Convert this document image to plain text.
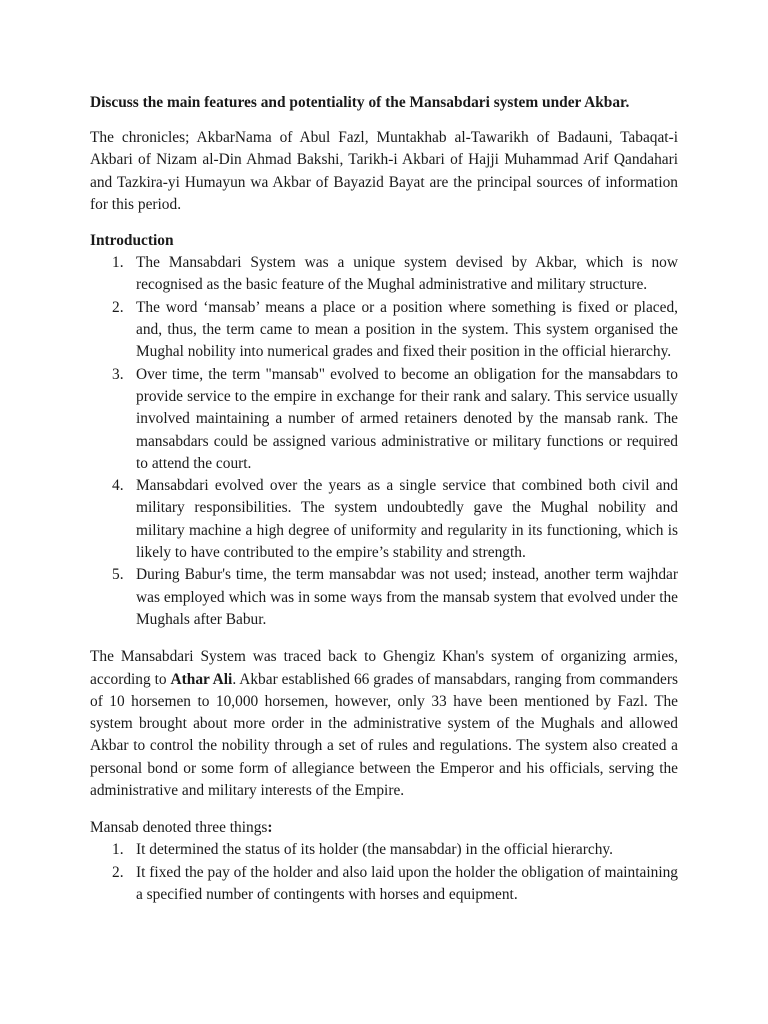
Discuss the main features and potentiality of the Mansabdari system under Akbar.

The chronicles; AkbarNama of Abul Fazl, Muntakhab al-Tawarikh of Badauni, Tabaqat-i Akbari of Nizam al-Din Ahmad Bakshi, Tarikh-i Akbari of Hajji Muhammad Arif Qandahari and Tazkira-yi Humayun wa Akbar of Bayazid Bayat are the principal sources of information for this period.

Introduction
1. The Mansabdari System was a unique system devised by Akbar, which is now recognised as the basic feature of the Mughal administrative and military structure.
2. The word ‘mansab’ means a place or a position where something is fixed or placed, and, thus, the term came to mean a position in the system. This system organised the Mughal nobility into numerical grades and fixed their position in the official hierarchy.
3. Over time, the term "mansab" evolved to become an obligation for the mansabdars to provide service to the empire in exchange for their rank and salary. This service usually involved maintaining a number of armed retainers denoted by the mansab rank. The mansabdars could be assigned various administrative or military functions or required to attend the court.
4. Mansabdari evolved over the years as a single service that combined both civil and military responsibilities. The system undoubtedly gave the Mughal nobility and military machine a high degree of uniformity and regularity in its functioning, which is likely to have contributed to the empire’s stability and strength.
5. During Babur's time, the term mansabdar was not used; instead, another term wajhdar was employed which was in some ways from the mansab system that evolved under the Mughals after Babur.

The Mansabdari System was traced back to Ghengiz Khan's system of organizing armies, according to Athar Ali. Akbar established 66 grades of mansabdars, ranging from commanders of 10 horsemen to 10,000 horsemen, however, only 33 have been mentioned by Fazl. The system brought about more order in the administrative system of the Mughals and allowed Akbar to control the nobility through a set of rules and regulations. The system also created a personal bond or some form of allegiance between the Emperor and his officials, serving the administrative and military interests of the Empire.

Mansab denoted three things:
1. It determined the status of its holder (the mansabdar) in the official hierarchy.
2. It fixed the pay of the holder and also laid upon the holder the obligation of maintaining a specified number of contingents with horses and equipment.
